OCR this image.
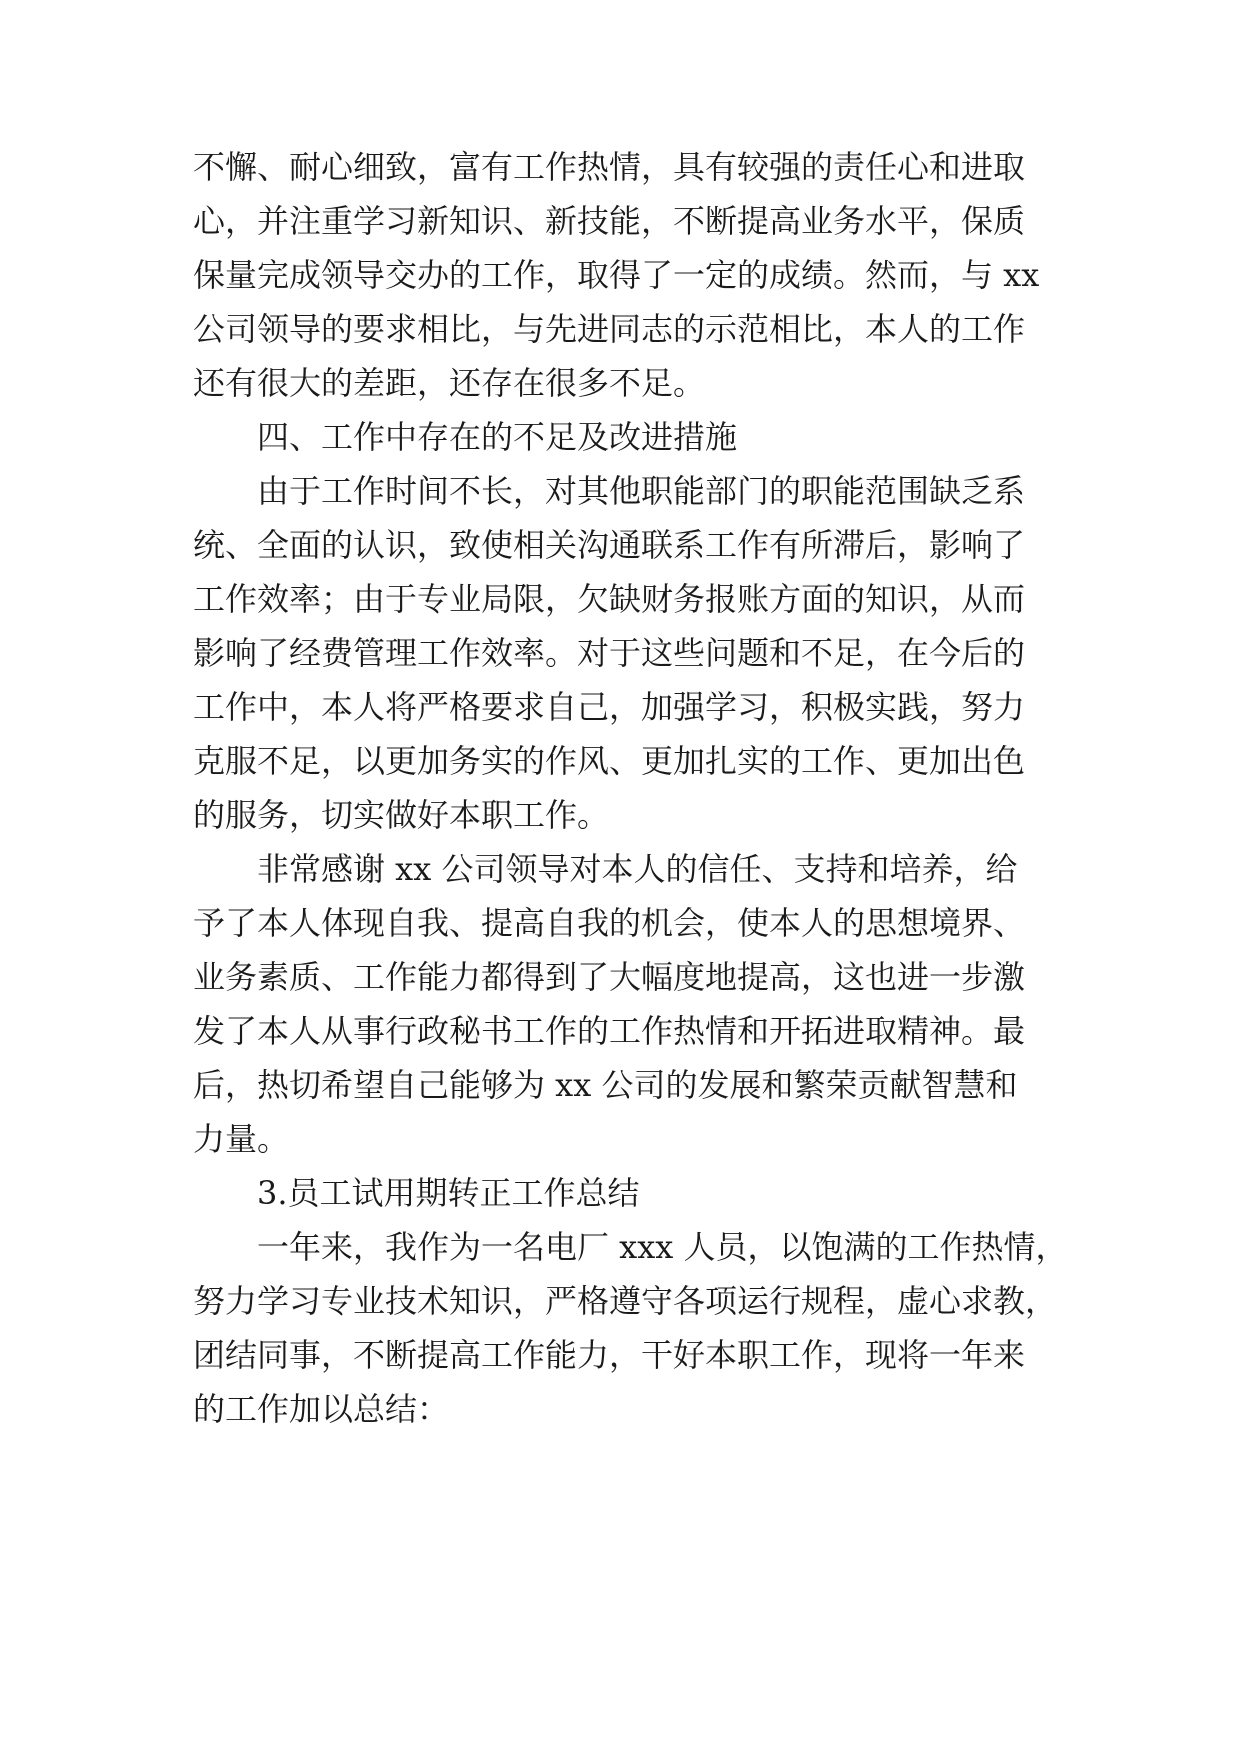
不懈、耐心细致，富有工作热情，具有较强的责任心和进取
心，并注重学习新知识、新技能，不断提高业务水平，保质
保量完成领导交办的工作，取得了一定的成绩。然而，与 xx
公司领导的要求相比，与先进同志的示范相比，本人的工作
还有很大的差距，还存在很多不足。
四、工作中存在的不足及改进措施
由于工作时间不长，对其他职能部门的职能范围缺乏系
统、全面的认识，致使相关沟通联系工作有所滞后，影响了
工作效率；由于专业局限，欠缺财务报账方面的知识，从而
影响了经费管理工作效率。对于这些问题和不足，在今后的
工作中，本人将严格要求自己，加强学习，积极实践，努力
克服不足，以更加务实的作风、更加扎实的工作、更加出色
的服务，切实做好本职工作。
非常感谢 xx 公司领导对本人的信任、支持和培养，给
予了本人体现自我、提高自我的机会，使本人的思想境界、
业务素质、工作能力都得到了大幅度地提高，这也进一步激
发了本人从事行政秘书工作的工作热情和开拓进取精神。最
后，热切希望自己能够为 xx 公司的发展和繁荣贡献智慧和
力量。
3.员工试用期转正工作总结
一年来，我作为一名电厂 xxx 人员，以饱满的工作热情，
努力学习专业技术知识，严格遵守各项运行规程，虚心求教，
团结同事，不断提高工作能力，干好本职工作，现将一年来
的工作加以总结：
